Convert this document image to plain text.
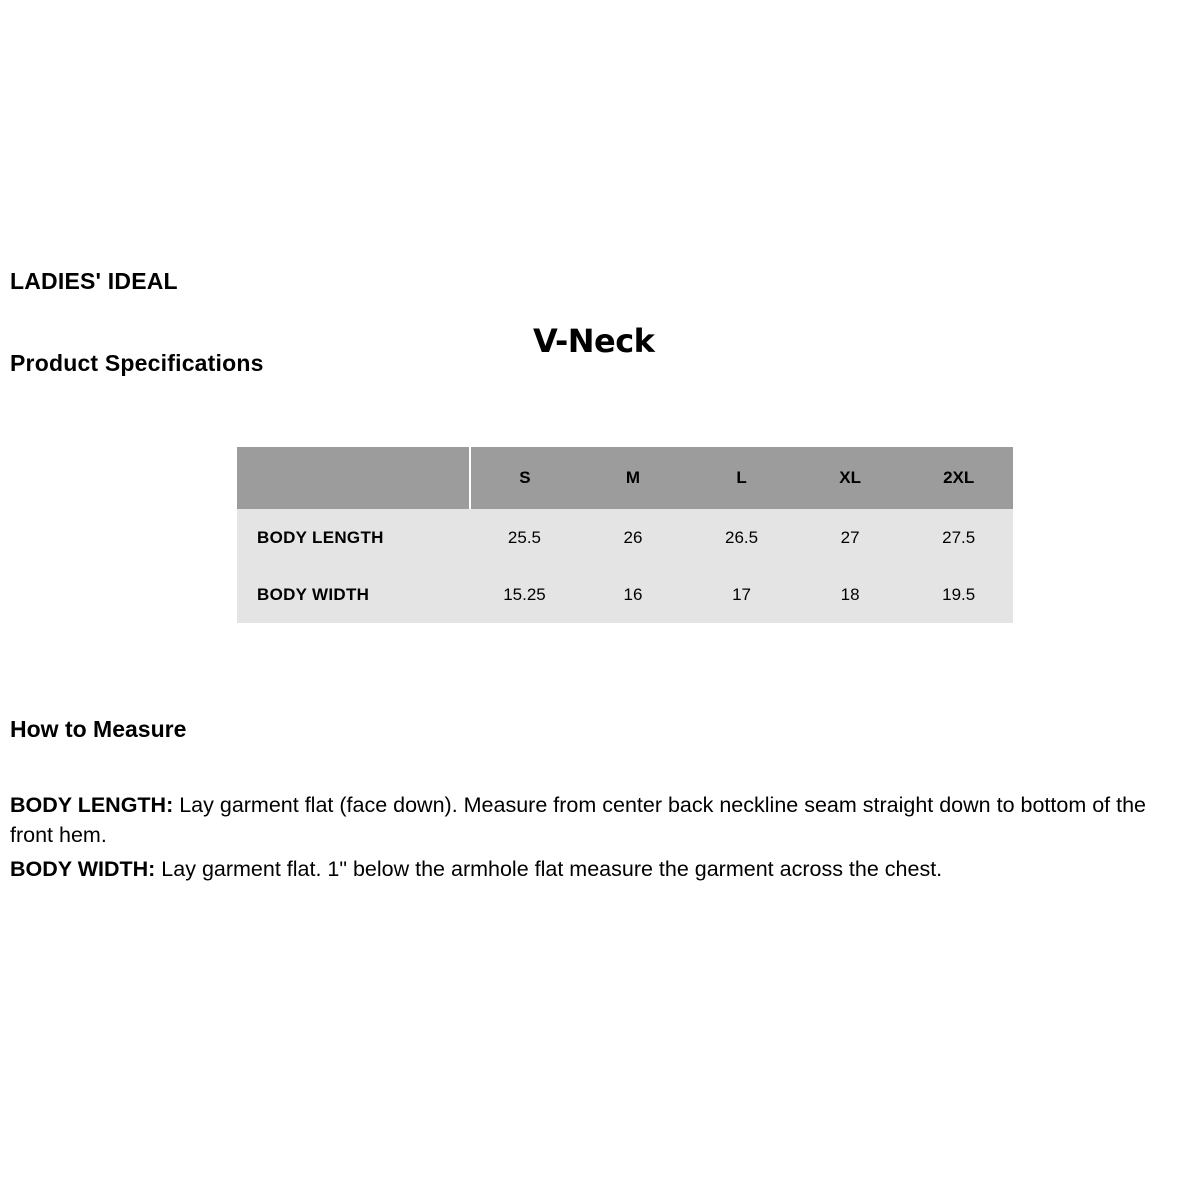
LADIES' IDEAL
Product Specifications
V-Neck
	S	M	L	XL	2XL
BODY LENGTH	25.5	26	26.5	27	27.5
BODY WIDTH	15.25	16	17	18	19.5
How to Measure

BODY LENGTH: Lay garment flat (face down). Measure from center back neckline seam straight down to bottom of the front hem.

BODY WIDTH: Lay garment flat. 1" below the armhole flat measure the garment across the chest.
